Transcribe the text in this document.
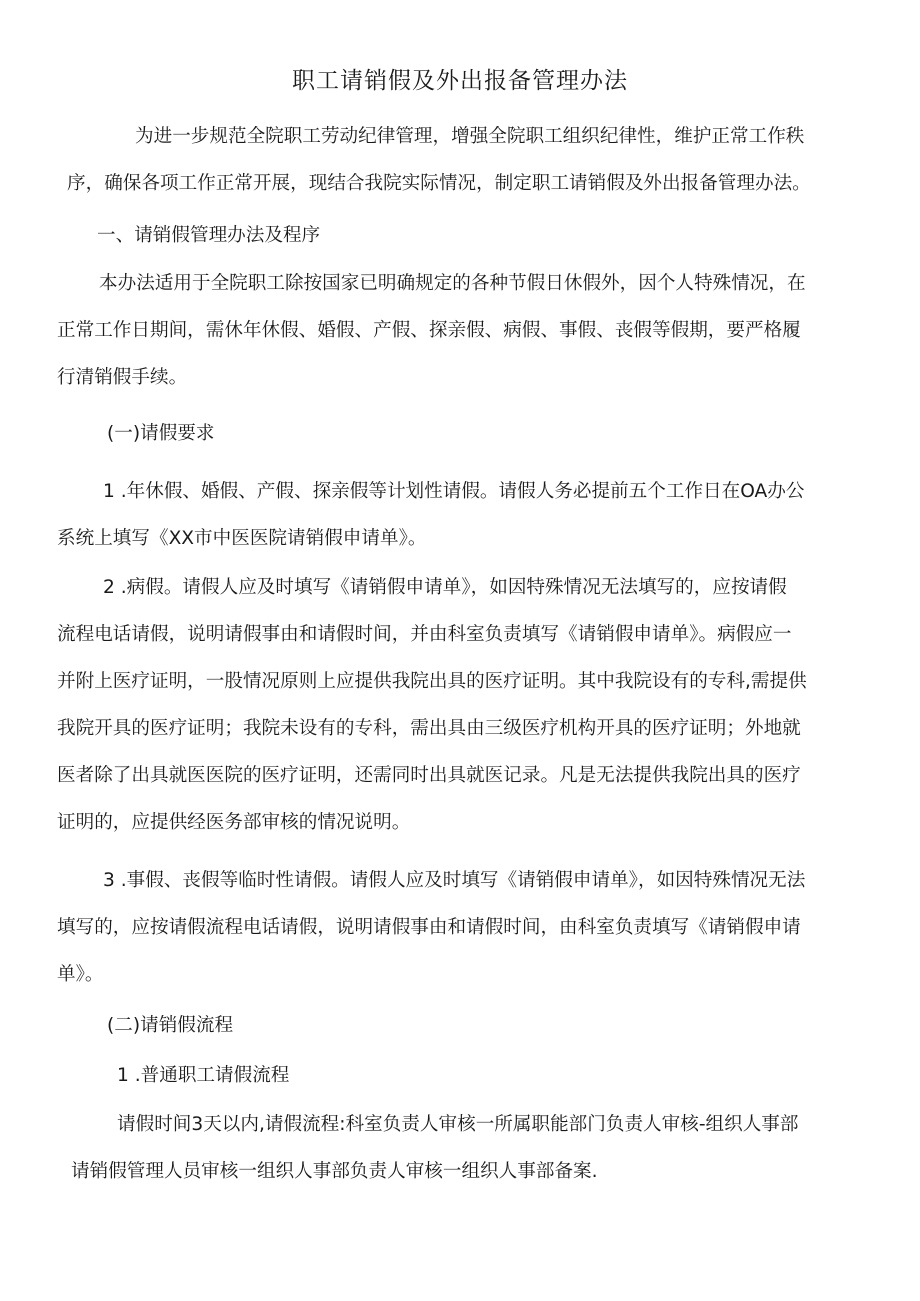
职工请销假及外出报备管理办法
为进一步规范全院职工劳动纪律管理，增强全院职工组织纪律性，维护正常工作秩
序，确保各项工作正常开展，现结合我院实际情况，制定职工请销假及外出报备管理办法。
一、请销假管理办法及程序
本办法适用于全院职工除按国家已明确规定的各种节假日休假外，因个人特殊情况，在
正常工作日期间，需休年休假、婚假、产假、探亲假、病假、事假、丧假等假期，要严格履
行清销假手续。
(一)请假要求
1 .年休假、婚假、产假、探亲假等计划性请假。请假人务必提前五个工作日在OA办公
系统上填写《XX市中医医院请销假申请单》。
2 .病假。请假人应及时填写《请销假申请单》，如因特殊情况无法填写的，应按请假
流程电话请假，说明请假事由和请假时间，并由科室负责填写《请销假申请单》。病假应一
并附上医疗证明，一股情况原则上应提供我院出具的医疗证明。其中我院设有的专科,需提供
我院开具的医疗证明；我院未设有的专科，需出具由三级医疗机构开具的医疗证明；外地就
医者除了出具就医医院的医疗证明，还需同时出具就医记录。凡是无法提供我院出具的医疗
证明的，应提供经医务部审核的情况说明。
3 .事假、丧假等临时性请假。请假人应及时填写《请销假申请单》，如因特殊情况无法
填写的，应按请假流程电话请假，说明请假事由和请假时间，由科室负责填写《请销假申请
单》。
(二)请销假流程
1 .普通职工请假流程
请假时间3天以内,请假流程:科室负责人审核一所属职能部门负责人审核-组织人事部
请销假管理人员审核一组织人事部负责人审核一组织人事部备案.
